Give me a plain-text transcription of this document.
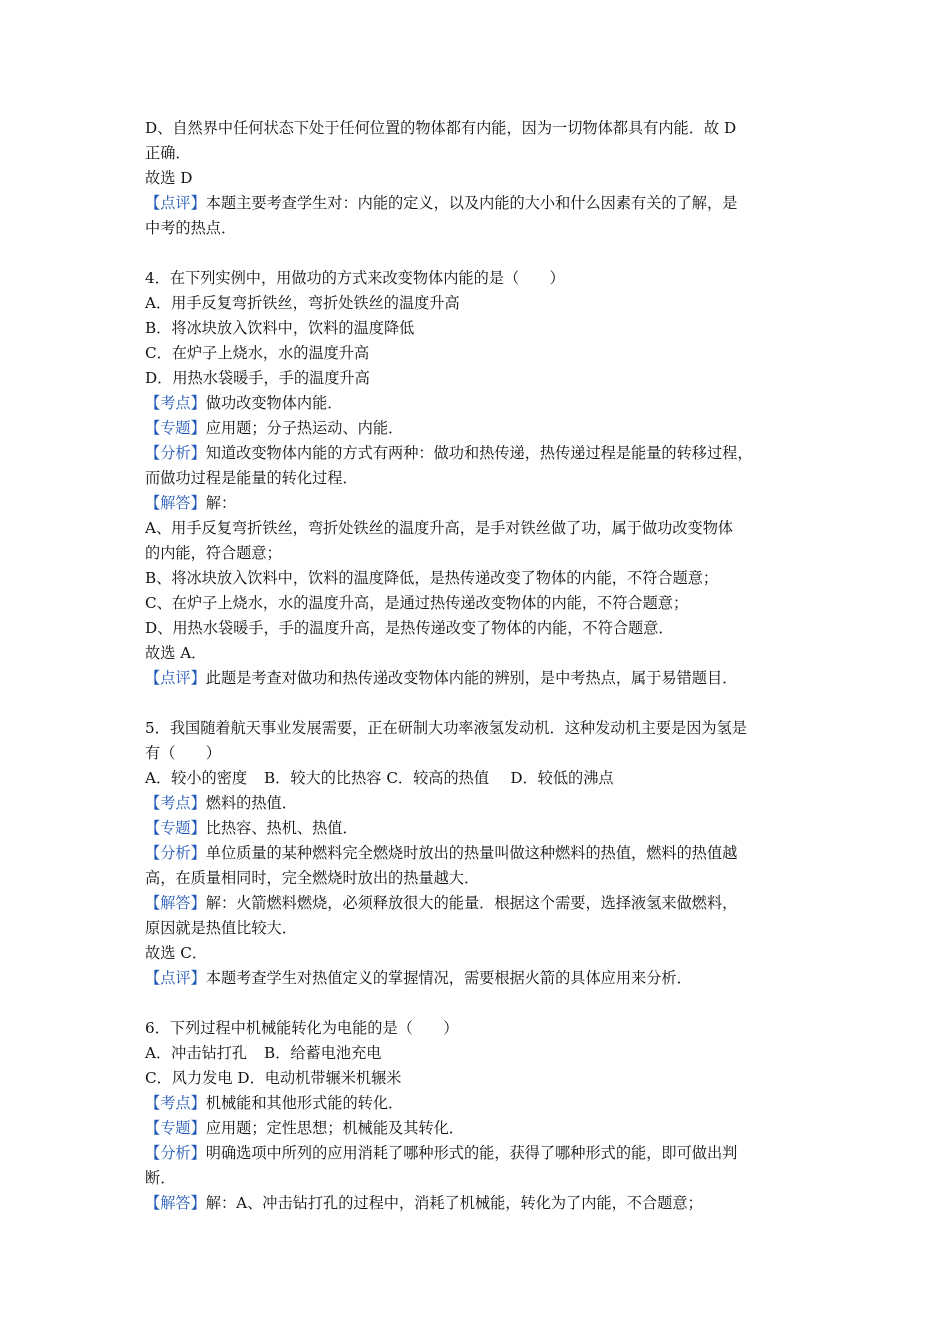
D、自然界中任何状态下处于任何位置的物体都有内能，因为一切物体都具有内能．故 D
正确．
故选 D
【点评】本题主要考查学生对：内能的定义，以及内能的大小和什么因素有关的了解，是
中考的热点．
4．在下列实例中，用做功的方式来改变物体内能的是（　　）
A．用手反复弯折铁丝，弯折处铁丝的温度升高
B．将冰块放入饮料中，饮料的温度降低
C．在炉子上烧水，水的温度升高
D．用热水袋暖手，手的温度升高
【考点】做功改变物体内能．
【专题】应用题；分子热运动、内能．
【分析】知道改变物体内能的方式有两种：做功和热传递，热传递过程是能量的转移过程，
而做功过程是能量的转化过程．
【解答】解：
A、用手反复弯折铁丝，弯折处铁丝的温度升高，是手对铁丝做了功，属于做功改变物体
的内能，符合题意；
B、将冰块放入饮料中，饮料的温度降低，是热传递改变了物体的内能，不符合题意；
C、在炉子上烧水，水的温度升高，是通过热传递改变物体的内能，不符合题意；
D、用热水袋暖手，手的温度升高，是热传递改变了物体的内能，不符合题意．
故选 A．
【点评】此题是考查对做功和热传递改变物体内能的辨别，是中考热点，属于易错题目．
5．我国随着航天事业发展需要，正在研制大功率液氢发动机．这种发动机主要是因为氢是
有（　　）
A．较小的密度 B．较大的比热容 C．较高的热值 D．较低的沸点
【考点】燃料的热值．
【专题】比热容、热机、热值．
【分析】单位质量的某种燃料完全燃烧时放出的热量叫做这种燃料的热值，燃料的热值越
高，在质量相同时，完全燃烧时放出的热量越大．
【解答】解：火箭燃料燃烧，必须释放很大的能量．根据这个需要，选择液氢来做燃料，
原因就是热值比较大．
故选 C．
【点评】本题考查学生对热值定义的掌握情况，需要根据火箭的具体应用来分析．
6．下列过程中机械能转化为电能的是（　　）
A．冲击钻打孔 B．给蓄电池充电
C．风力发电 D．电动机带辗米机辗米
【考点】机械能和其他形式能的转化．
【专题】应用题；定性思想；机械能及其转化．
【分析】明确选项中所列的应用消耗了哪种形式的能，获得了哪种形式的能，即可做出判
断．
【解答】解：A、冲击钻打孔的过程中，消耗了机械能，转化为了内能，不合题意；
